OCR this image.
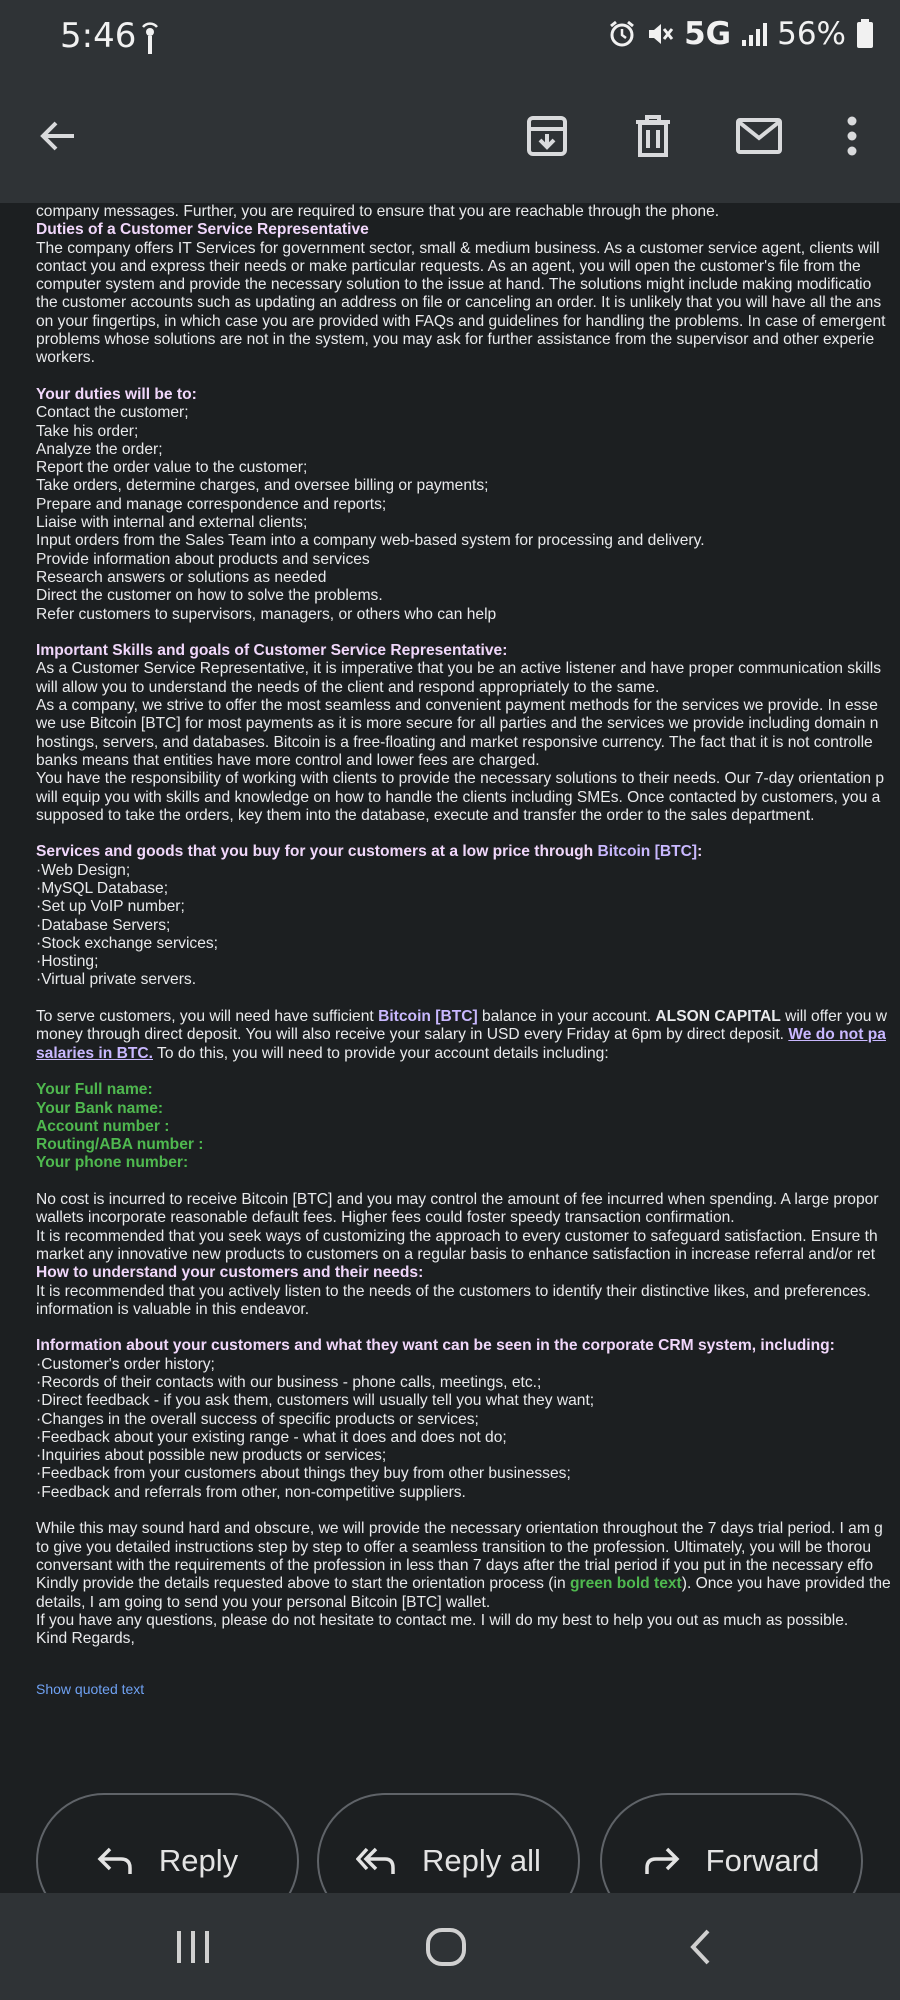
5:46	5G 56%
company messages. Further, you are required to ensure that you are reachable through the phone.
Duties of a Customer Service Representative
The company offers IT Services for government sector, small & medium business. As a customer service agent, clients will
contact you and express their needs or make particular requests. As an agent, you will open the customer's file from the
computer system and provide the necessary solution to the issue at hand. The solutions might include making modificatio
the customer accounts such as updating an address on file or canceling an order. It is unlikely that you will have all the ans
on your fingertips, in which case you are provided with FAQs and guidelines for handling the problems. In case of emergent
problems whose solutions are not in the system, you may ask for further assistance from the supervisor and other experie
workers.
Your duties will be to:
Contact the customer;
Take his order;
Analyze the order;
Report the order value to the customer;
Take orders, determine charges, and oversee billing or payments;
Prepare and manage correspondence and reports;
Liaise with internal and external clients;
Input orders from the Sales Team into a company web-based system for processing and delivery.
Provide information about products and services
Research answers or solutions as needed
Direct the customer on how to solve the problems.
Refer customers to supervisors, managers, or others who can help
Important Skills and goals of Customer Service Representative:
As a Customer Service Representative, it is imperative that you be an active listener and have proper communication skills
will allow you to understand the needs of the client and respond appropriately to the same.
As a company, we strive to offer the most seamless and convenient payment methods for the services we provide. In esse
we use Bitcoin [BTC] for most payments as it is more secure for all parties and the services we provide including domain n
hostings, servers, and databases. Bitcoin is a free-floating and market responsive currency. The fact that it is not controlle
banks means that entities have more control and lower fees are charged.
You have the responsibility of working with clients to provide the necessary solutions to their needs. Our 7-day orientation p
will equip you with skills and knowledge on how to handle the clients including SMEs. Once contacted by customers, you a
supposed to take the orders, key them into the database, execute and transfer the order to the sales department.
Services and goods that you buy for your customers at a low price through Bitcoin [BTC]:
·Web Design;
·MySQL Database;
·Set up VoIP number;
·Database Servers;
·Stock exchange services;
·Hosting;
·Virtual private servers.
To serve customers, you will need have sufficient Bitcoin [BTC] balance in your account. ALSON CAPITAL will offer you w
money through direct deposit. You will also receive your salary in USD every Friday at 6pm by direct deposit. We do not pa
salaries in BTC. To do this, you will need to provide your account details including:
Your Full name:
Your Bank name:
Account number :
Routing/ABA number :
Your phone number:
No cost is incurred to receive Bitcoin [BTC] and you may control the amount of fee incurred when spending. A large propor
wallets incorporate reasonable default fees. Higher fees could foster speedy transaction confirmation.
It is recommended that you seek ways of customizing the approach to every customer to safeguard satisfaction. Ensure th
market any innovative new products to customers on a regular basis to enhance satisfaction in increase referral and/or ret
How to understand your customers and their needs:
It is recommended that you actively listen to the needs of the customers to identify their distinctive likes, and preferences.
information is valuable in this endeavor.
Information about your customers and what they want can be seen in the corporate CRM system, including:
·Customer's order history;
·Records of their contacts with our business - phone calls, meetings, etc.;
·Direct feedback - if you ask them, customers will usually tell you what they want;
·Changes in the overall success of specific products or services;
·Feedback about your existing range - what it does and does not do;
·Inquiries about possible new products or services;
·Feedback from your customers about things they buy from other businesses;
·Feedback and referrals from other, non-competitive suppliers.
While this may sound hard and obscure, we will provide the necessary orientation throughout the 7 days trial period. I am g
to give you detailed instructions step by step to offer a seamless transition to the profession. Ultimately, you will be thorou
conversant with the requirements of the profession in less than 7 days after the trial period if you put in the necessary effo
Kindly provide the details requested above to start the orientation process (in green bold text). Once you have provided the
details, I am going to send you your personal Bitcoin [BTC] wallet.
If you have any questions, please do not hesitate to contact me. I will do my best to help you out as much as possible.
Kind Regards,
Show quoted text
Reply	Reply all	Forward
